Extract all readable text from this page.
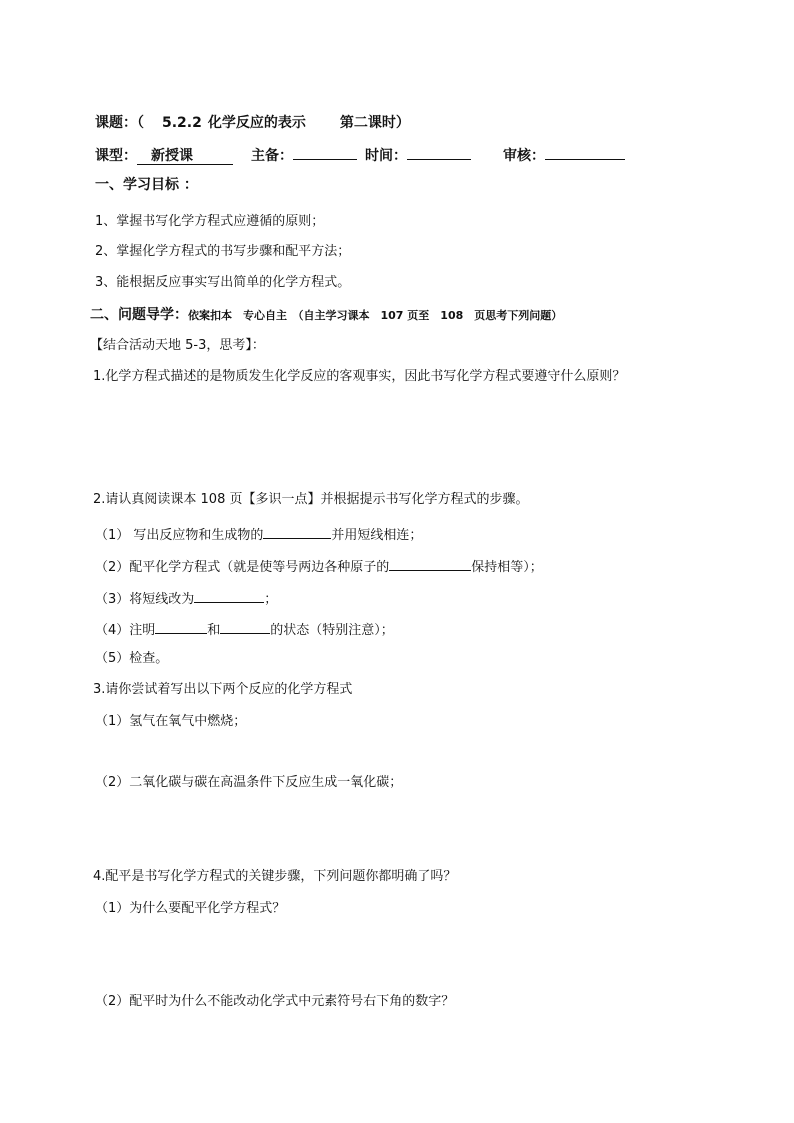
课题：（ 5.2.2 化学反应的表示 第二课时）
课型： 新授课	主备：	时间：	审核：
一、学习目标 ：
1、掌握书写化学方程式应遵循的原则；
2、掌握化学方程式的书写步骤和配平方法；
3、能根据反应事实写出简单的化学方程式。
二、问题导学：依案扣本　专心自主　（自主学习课本　107 页至　108　页思考下列问题）
【结合活动天地 5-3，思考】：
1.化学方程式描述的是物质发生化学反应的客观事实，因此书写化学方程式要遵守什么原则？
2.请认真阅读课本 108 页【多识一点】并根据提示书写化学方程式的步骤。
（1） 写出反应物和生成物的	并用短线相连；
（2）配平化学方程式（就是使等号两边各种原子的	保持相等）；
（3）将短线改为	；
（4）注明	和	的状态（特别注意）；
（5）检查。
3.请你尝试着写出以下两个反应的化学方程式
（1）氢气在氧气中燃烧；
（2）二氧化碳与碳在高温条件下反应生成一氧化碳；
4.配平是书写化学方程式的关键步骤，下列问题你都明确了吗？
（1）为什么要配平化学方程式？
（2）配平时为什么不能改动化学式中元素符号右下角的数字？
